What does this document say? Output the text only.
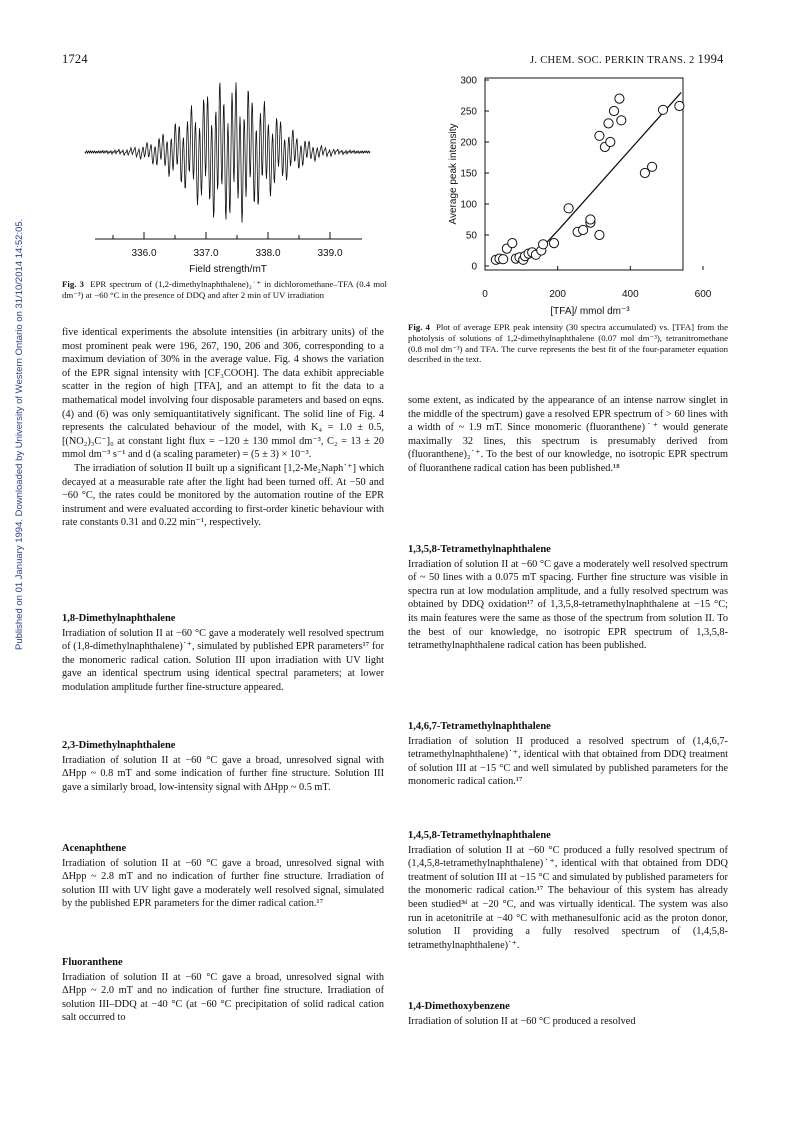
Published on 01 January 1994. Downloaded by University of Western Ontario on 31/10/2014 14:52:05.
1724	J. CHEM. SOC. PERKIN TRANS. 2 1994
336.0	337.0	338.0	339.0
Field strength/mT
Fig. 3 EPR spectrum of (1,2-dimethylnaphthalene)₂˙⁺ in dichloromethane–TFA (0.4 mol dm⁻³) at −60 °C in the presence of DDQ and after 2 min of UV irradiation
0
50
100
150
200
250
300
0	200	400	600
Average peak intensity
[TFA]/ mmol dm⁻³
Fig. 4 Plot of average EPR peak intensity (30 spectra accumulated) vs. [TFA] from the photolysis of solutions of 1,2-dimethylnaphthalene (0.07 mol dm⁻³), tetranitromethane (0.8 mol dm⁻³) and TFA. The curve represents the best fit of the four-parameter equation described in the text.

five identical experiments the absolute intensities (in arbitrary units) of the most prominent peak were 196, 267, 190, 206 and 306, corresponding to a maximum deviation of 30% in the average value. Fig. 4 shows the variation of the EPR signal intensity with [CF₃COOH]. The data exhibit appreciable scatter in the region of high [TFA], and an attempt to fit the data to a mathematical model involving four disposable parameters and based on eqns. (4) and (6) was only semiquantitatively significant. The solid line of Fig. 4 represents the calculated behaviour of the model, with K₄ = 1.0 ± 0.5, [(NO₂)₃C⁻]₀ at constant light flux = −120 ± 130 mmol dm⁻³, C₂ = 13 ± 20 mmol dm⁻³ s⁻¹ and d (a scaling parameter) = (5 ± 3) × 10⁻³.

The irradiation of solution II built up a significant [1,2-Me₂Naph˙⁺] which decayed at a measurable rate after the light had been turned off. At −50 and −60 °C, the rates could be monitored by the automation routine of the EPR instrument and were evaluated according to first-order kinetic behaviour with rate constants 0.31 and 0.22 min⁻¹, respectively.

1,8-Dimethylnaphthalene

Irradiation of solution II at −60 °C gave a moderately well resolved spectrum of (1,8-dimethylnaphthalene)˙⁺, simulated by published EPR parameters¹⁷ for the monomeric radical cation. Solution III upon irradiation with UV light gave an identical spectrum using identical spectral parameters; at lower modulation amplitude further fine-structure appeared.

2,3-Dimethylnaphthalene

Irradiation of solution II at −60 °C gave a broad, unresolved signal with ΔHpp ~ 0.8 mT and some indication of further fine structure. Solution III gave a similarly broad, low-intensity signal with ΔHpp ~ 0.5 mT.

Acenaphthene

Irradiation of solution II at −60 °C gave a broad, unresolved signal with ΔHpp ~ 2.8 mT and no indication of further fine structure. Irradiation of solution III with UV light gave a moderately well resolved signal, simulated by the published EPR parameters for the dimer radical cation.¹⁷

Fluoranthene

Irradiation of solution II at −60 °C gave a broad, unresolved signal with ΔHpp ~ 2.0 mT and no indication of further fine structure. Irradiation of solution III–DDQ at −40 °C (at −60 °C precipitation of solid radical cation salt occurred to

some extent, as indicated by the appearance of an intense narrow singlet in the middle of the spectrum) gave a resolved EPR spectrum of > 60 lines with a width of ~ 1.9 mT. Since monomeric (fluoranthene)˙⁺ would generate maximally 32 lines, this spectrum is presumably derived from (fluoranthene)₂˙⁺. To the best of our knowledge, no isotropic EPR spectrum of fluoranthene radical cation has been published.¹⁸

1,3,5,8-Tetramethylnaphthalene

Irradiation of solution II at −60 °C gave a moderately well resolved spectrum of ~ 50 lines with a 0.075 mT spacing. Further fine structure was visible in spectra run at low modulation amplitude, and a fully resolved spectrum was obtained by DDQ oxidation¹⁷ of 1,3,5,8-tetramethylnaphthalene at −15 °C; its main features were the same as those of the spectrum from solution II. To the best of our knowledge, no isotropic EPR spectrum of 1,3,5,8-tetramethylnaphthalene radical cation has been published.

1,4,6,7-Tetramethylnaphthalene

Irradiation of solution II produced a resolved spectrum of (1,4,6,7-tetramethylnaphthalene)˙⁺, identical with that obtained from DDQ treatment of solution III at −15 °C and well simulated by published parameters for the monomeric radical cation.¹⁷

1,4,5,8-Tetramethylnaphthalene

Irradiation of solution II at −60 °C produced a fully resolved spectrum of (1,4,5,8-tetramethylnaphthalene)˙⁺, identical with that obtained from DDQ treatment of solution III at −15 °C and simulated by published parameters for the monomeric radical cation.¹⁷ The behaviour of this system has already been studied³ᵈ at −20 °C, and was virtually identical. The system was also run in acetonitrile at −40 °C with methanesulfonic acid as the proton donor, solution II providing a fully resolved spectrum of (1,4,5,8-tetramethylnaphthalene)˙⁺.

1,4-Dimethoxybenzene

Irradiation of solution II at −60 °C produced a resolved
